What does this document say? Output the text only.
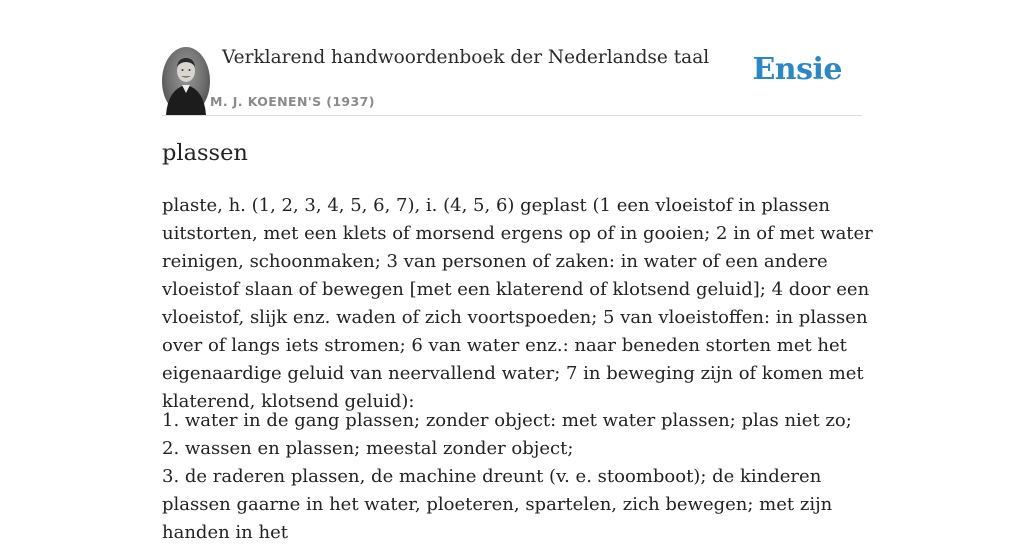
Verklarend handwoordenboek der Nederlandse taal
M. J. KOENEN'S (1937)
Ensie
plassen

plaste, h. (1, 2, 3, 4, 5, 6, 7), i. (4, 5, 6) geplast (1 een vloeistof in plassen uitstorten, met een klets of morsend ergens op of in gooien; 2 in of met water reinigen, schoonmaken; 3 van personen of zaken: in water of een andere vloeistof slaan of bewegen [met een klaterend of klotsend geluid]; 4 door een vloeistof, slijk enz. waden of zich voortspoeden; 5 van vloeistoffen: in plassen over of langs iets stromen; 6 van water enz.: naar beneden storten met het eigenaardige geluid van neervallend water; 7 in beweging zijn of komen met klaterend, klotsend geluid):

1. water in de gang plassen; zonder object: met water plassen; plas niet zo;
2. wassen en plassen; meestal zonder object;
3. de raderen plassen, de machine dreunt (v. e. stoomboot); de kinderen plassen gaarne in het water, ploeteren, spartelen, zich bewegen; met zijn handen in het
